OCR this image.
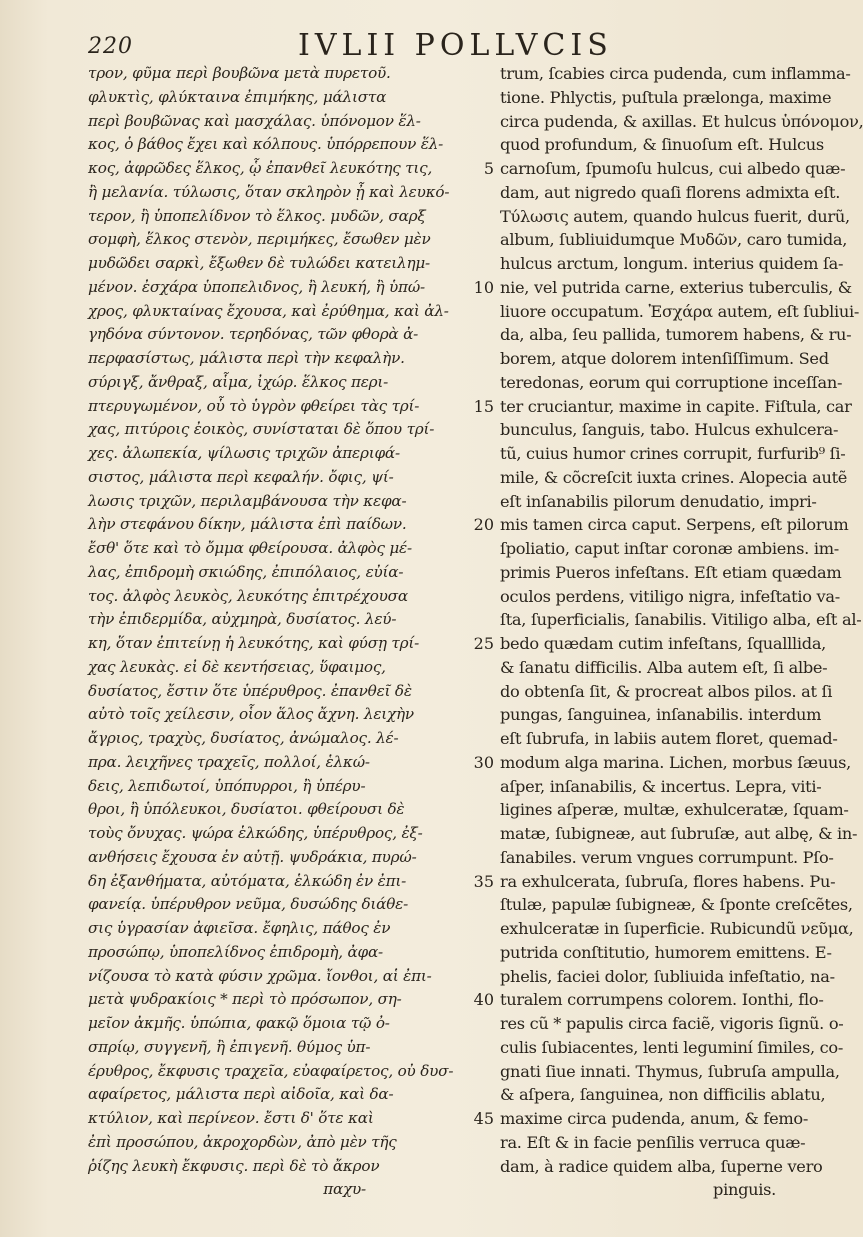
220	IVLII POLLVCIS
τρον, φῦμα περὶ βουβῶνα μετὰ πυρετοῦ.
φλυκτὶς, φλύκταινα ἐπιμήκης, μάλιστα
περὶ βουβῶνας καὶ μασχάλας. ὑπόνομον ἕλ-
κος, ὁ βάθος ἔχει καὶ κόλπους. ὑπόρρεπουν ἕλ-
κος, ἀφρῶδες ἕλκος, ᾧ ἐπανθεῖ λευκότης τις,
ἢ μελανία. τύλωσις, ὅταν σκληρὸν ᾖ καὶ λευκό-
τερον, ἢ ὑποπελίδνον τὸ ἕλκος. μυδῶν, σαρξ
σομφὴ, ἕλκος στενὸν, περιμήκες, ἔσωθεν μὲν
μυδῶδει σαρκὶ, ἔξωθεν δὲ τυλώδει κατειλημ-
μένον. ἐσχάρα ὑποπελιδνος, ἢ λευκή, ἢ ὑπώ-
χρος, φλυκταίνας ἔχουσα, καὶ ἐρύθημα, καὶ ἀλ-
γηδόνα σύντονον. τερηδόνας, τῶν φθορὰ ἀ-
περφασίστως, μάλιστα περὶ τὴν κεφαλὴν.
σύριγξ, ἄνθραξ, αἷμα, ἰχώρ. ἕλκος περι-
πτερυγωμένον, οὗ τὸ ὑγρὸν φθείρει τὰς τρί-
χας, πιτύροις ἐοικὸς, συνίσταται δὲ ὅπου τρί-
χες. ἀλωπεκία, ψίλωσις τριχῶν ἀπεριφά-
σιστος, μάλιστα περὶ κεφαλήν. ὄφις, ψί-
λωσις τριχῶν, περιλαμβάνουσα τὴν κεφα-
λὴν στεφάνου δίκην, μάλιστα ἐπὶ παίδων.
ἔσθ' ὅτε καὶ τὸ ὄμμα φθείρουσα. ἀλφὸς μέ-
λας, ἐπιδρομὴ σκιώδης, ἐπιπόλαιος, εὐία-
τος. ἀλφὸς λευκὸς, λευκότης ἐπιτρέχουσα
τὴν ἐπιδερμίδα, αὐχμηρὰ, δυσίατος. λεύ-
κη, ὅταν ἐπιτείνῃ ἡ λευκότης, καὶ φύσῃ τρί-
χας λευκὰς. εἰ δὲ κεντήσειας, ὕφαιμος,
δυσίατος, ἔστιν ὅτε ὑπέρυθρος. ἐπανθεῖ δὲ
αὐτὸ τοῖς χείλεσιν, οἷον ἅλος ἄχνη. λειχὴν
ἄγριος, τραχὺς, δυσίατος, ἀνώμαλος. λέ-
πρα. λειχῆνες τραχεῖς, πολλοί, ἑλκώ-
δεις, λεπιδωτοί, ὑπόπυρροι, ἢ ὑπέρυ-
θροι, ἢ ὑπόλευκοι, δυσίατοι. φθείρουσι δὲ
τοὺς ὄνυχας. ψώρα ἑλκώδης, ὑπέρυθρος, ἐξ-
ανθήσεις ἔχουσα ἐν αὐτῇ. ψυδράκια, πυρώ-
δη ἐξανθήματα, αὐτόματα, ἑλκώδη ἐν ἐπι-
φανείᾳ. ὑπέρυθρον νεῦμα, δυσώδης διάθε-
σις ὑγρασίαν ἀφιεῖσα. ἔφηλις, πάθος ἐν
προσώπῳ, ὑποπελίδνος ἐπιδρομὴ, ἀφα-
νίζουσα τὸ κατὰ φύσιν χρῶμα. ἴονθοι, αἱ ἐπι-
μετὰ ψυδρακίοις * περὶ τὸ πρόσωπον, ση-
μεῖον ἀκμῆς. ὑπώπια, φακῷ ὅμοια τῷ ὀ-
σπρίῳ, συγγενῆ, ἢ ἐπιγενῆ. θύμος ὑπ-
έρυθρος, ἔκφυσις τραχεῖα, εὐαφαίρετος, οὐ δυσ-
αφαίρετος, μάλιστα περὶ αἰδοῖα, καὶ δα-
κτύλιον, καὶ περίνεον. ἔστι δ' ὅτε καὶ
ἐπὶ προσώπου, ἀκροχορδὼν, ἀπὸ μὲν τῆς
ῥίζης λευκὴ ἔκφυσις. περὶ δὲ τὸ ἄκρον
παχυ-
5
10
15
20
25
30
35
40
45
trum, ſcabies circa pudenda, cum inflamma-
tione. Phlyctis, puſtula prælonga, maxime
circa pudenda, & axillas. Et hulcus ὑπόνομον,
quod profundum, & ſinuoſum eſt. Hulcus
carnoſum, ſpumoſu hulcus, cui albedo quæ-
dam, aut nigredo quaſi florens admixta eſt.
Τύλωσις autem, quando hulcus fuerit, durũ,
album, ſubliuidumque Μυδῶν, caro tumida,
hulcus arctum, longum. interius quidem ſa-
nie, vel putrida carne, exterius tuberculis, &
liuore occupatum. Ἐσχάρα autem, eſt ſubliui-
da, alba, ſeu pallida, tumorem habens, & ru-
borem, atque dolorem intenſiſſimum. Sed
teredonas, eorum qui corruptione inceſſan-
ter cruciantur, maxime in capite. Fiſtula, car
bunculus, ſanguis, tabo. Hulcus exhulcera-
tũ, cuius humor crines corrupit, furfurib⁹ ſi-
mile, & cõcreſcit iuxta crines. Alopecia autẽ
eſt inſanabilis pilorum denudatio, impri-
mis tamen circa caput. Serpens, eſt pilorum
ſpoliatio, caput inſtar coronæ ambiens. im-
primis Pueros infeſtans. Eſt etiam quædam
oculos perdens, vitiligo nigra, infeſtatio va-
ſta, ſuperficialis, ſanabilis. Vitiligo alba, eſt al-
bedo quædam cutim infeſtans, ſqualllida,
& ſanatu difficilis. Alba autem eſt, ſi albe-
do obtenſa ſit, & procreat albos pilos. at ſi
pungas, ſanguinea, inſanabilis. interdum
eſt ſubrufa, in labiis autem floret, quemad-
modum alga marina. Lichen, morbus ſæuus,
aſper, inſanabilis, & incertus. Lepra, viti-
ligines aſperæ, multæ, exhulceratæ, ſquam-
matæ, ſubigneæ, aut ſubruſæ, aut albę, & in-
ſanabiles. verum vngues corrumpunt. Pſo-
ra exhulcerata, ſubruſa, flores habens. Pu-
ſtulæ, papulæ ſubigneæ, & ſponte creſcẽtes,
exhulceratæ in ſuperficie. Rubicundũ νεῦμα,
putrida conſtitutio, humorem emittens. E-
phelis, faciei dolor, ſubliuida infeſtatio, na-
turalem corrumpens colorem. Ionthi, flo-
res cũ * papulis circa faciẽ, vigoris ſignũ. o-
culis ſubiacentes, lenti leguminí ſimiles, co-
gnati ſiue innati. Thymus, ſubruſa ampulla,
& aſpera, ſanguinea, non difficilis ablatu,
maxime circa pudenda, anum, & femo-
ra. Eſt & in facie penſilis verruca quæ-
dam, à radice quidem alba, ſuperne vero
pinguis.
